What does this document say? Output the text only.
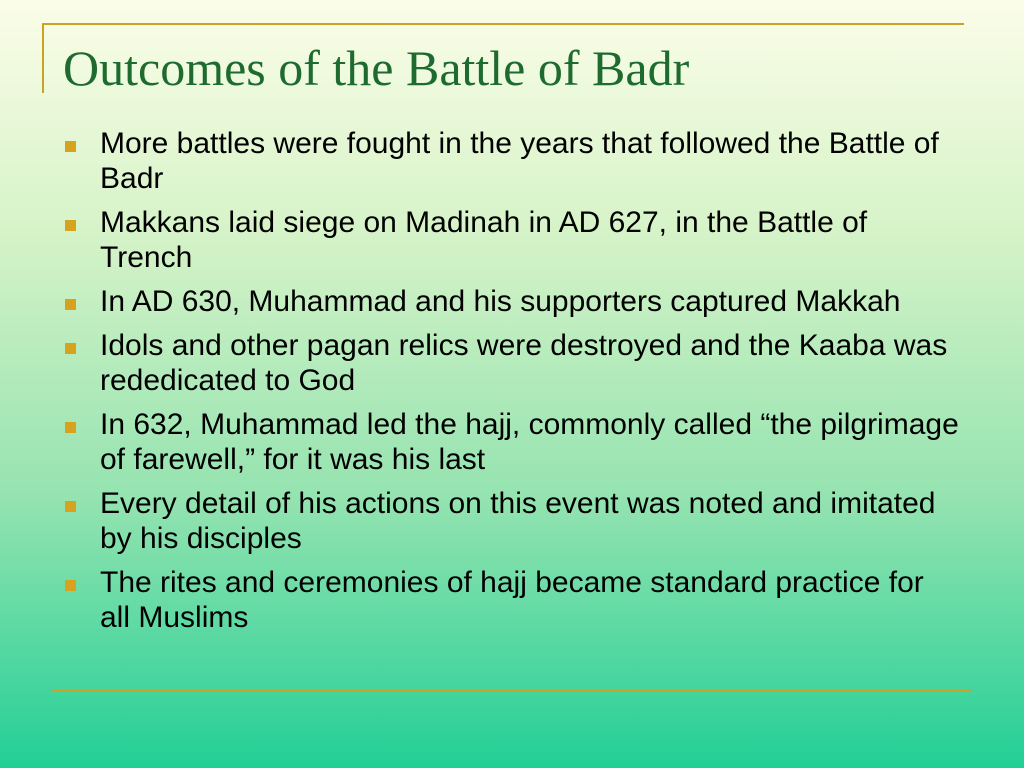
Outcomes of the Battle of Badr
More battles were fought in the years that followed the Battle of Badr
Makkans laid siege on Madinah in AD 627, in the Battle of Trench
In AD 630, Muhammad and his supporters captured Makkah
Idols and other pagan relics were destroyed and the Kaaba was rededicated to God
In 632, Muhammad led the hajj, commonly called “the pilgrimage of farewell,” for it was his last
Every detail of his actions on this event was noted and imitated by his disciples
The rites and ceremonies of hajj became standard practice for all Muslims
